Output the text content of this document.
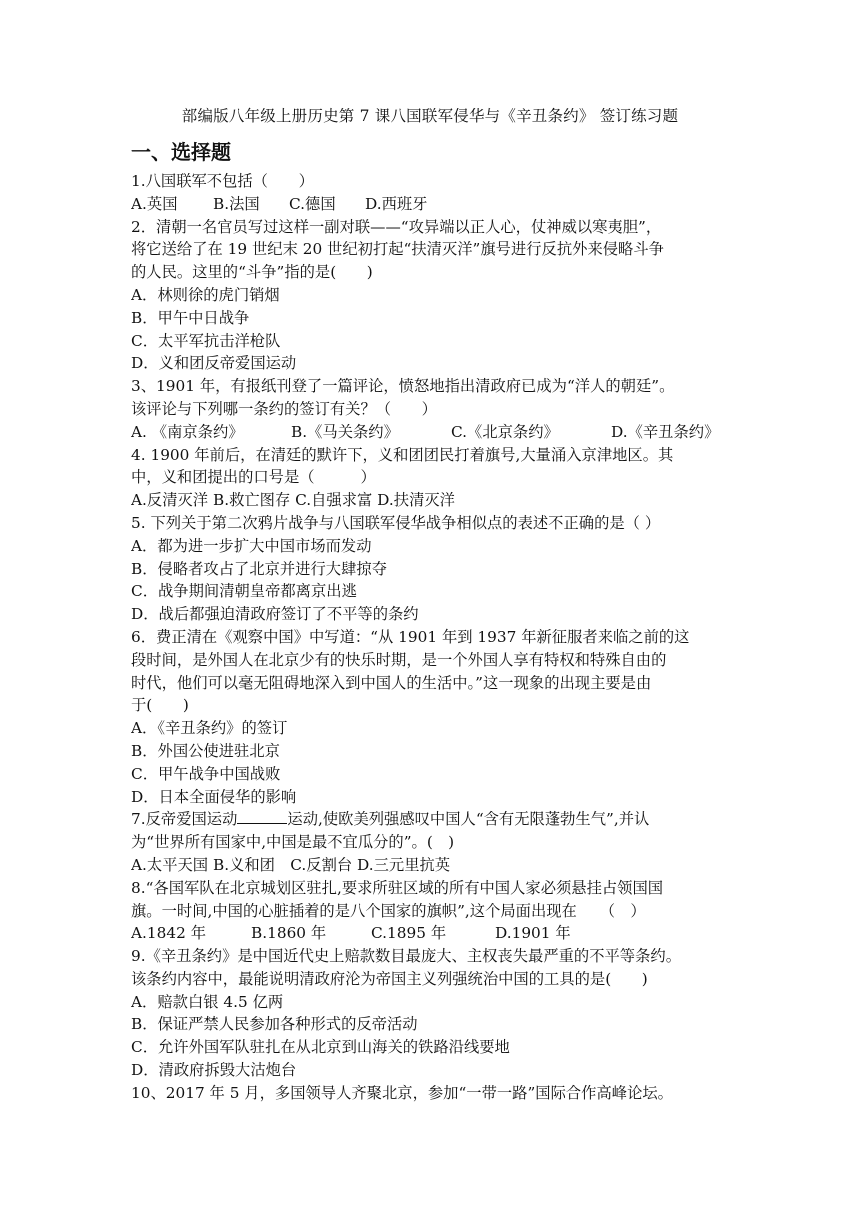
部编版八年级上册历史第 7 课八国联军侵华与《辛丑条约》 签订练习题
一、选择题
1.八国联军不包括（　　）
A.英国 B.法国 C.德国 D.西班牙
2．清朝一名官员写过这样一副对联——“攻异端以正人心，仗神威以寒夷胆”，
将它送给了在 19 世纪末 20 世纪初打起“扶清灭洋”旗号进行反抗外来侵略斗争
的人民。这里的“斗争”指的是(　　)
A．林则徐的虎门销烟
B．甲午中日战争
C．太平军抗击洋枪队
D．义和团反帝爱国运动
3、1901 年，有报纸刊登了一篇评论，愤怒地指出清政府已成为“洋人的朝廷”。
该评论与下列哪一条约的签订有关？（　　）
A. 《南京条约》	B.《马关条约》	C.《北京条约》	D.《辛丑条约》
4. 1900 年前后，在清廷的默许下，义和团团民打着旗号,大量涌入京津地区。其
中，义和团提出的口号是（　　　）
A.反清灭洋 B.救亡图存 C.自强求富 D.扶清灭洋
5. 下列关于第二次鸦片战争与八国联军侵华战争相似点的表述不正确的是（ ）
A．都为进一步扩大中国市场而发动
B．侵略者攻占了北京并进行大肆掠夺
C．战争期间清朝皇帝都离京出逃
D．战后都强迫清政府签订了不平等的条约
6．费正清在《观察中国》中写道：“从 1901 年到 1937 年新征服者来临之前的这
段时间，是外国人在北京少有的快乐时期，是一个外国人享有特权和特殊自由的
时代，他们可以毫无阻碍地深入到中国人的生活中。”这一现象的出现主要是由
于(　　)
A．《辛丑条约》的签订
B．外国公使进驻北京
C．甲午战争中国战败
D．日本全面侵华的影响
7.反帝爱国运动	运动,使欧美列强感叹中国人“含有无限蓬勃生气”,并认
为“世界所有国家中,中国是最不宜瓜分的”。(　)
A.太平天国 B.义和团　C.反割台 D.三元里抗英
8.“各国军队在北京城划区驻扎,要求所驻区域的所有中国人家必须悬挂占领国国
旗。一时间,中国的心脏插着的是八个国家的旗帜”,这个局面出现在　　（　）
A.1842 年	B.1860 年	C.1895 年	D.1901 年
9.《辛丑条约》是中国近代史上赔款数目最庞大、主权丧失最严重的不平等条约。
该条约内容中，最能说明清政府沦为帝国主义列强统治中国的工具的是(　　)
A．赔款白银 4.5 亿两
B．保证严禁人民参加各种形式的反帝活动
C．允许外国军队驻扎在从北京到山海关的铁路沿线要地
D．清政府拆毁大沽炮台
10、2017 年 5 月，多国领导人齐聚北京，参加“一带一路”国际合作高峰论坛。
